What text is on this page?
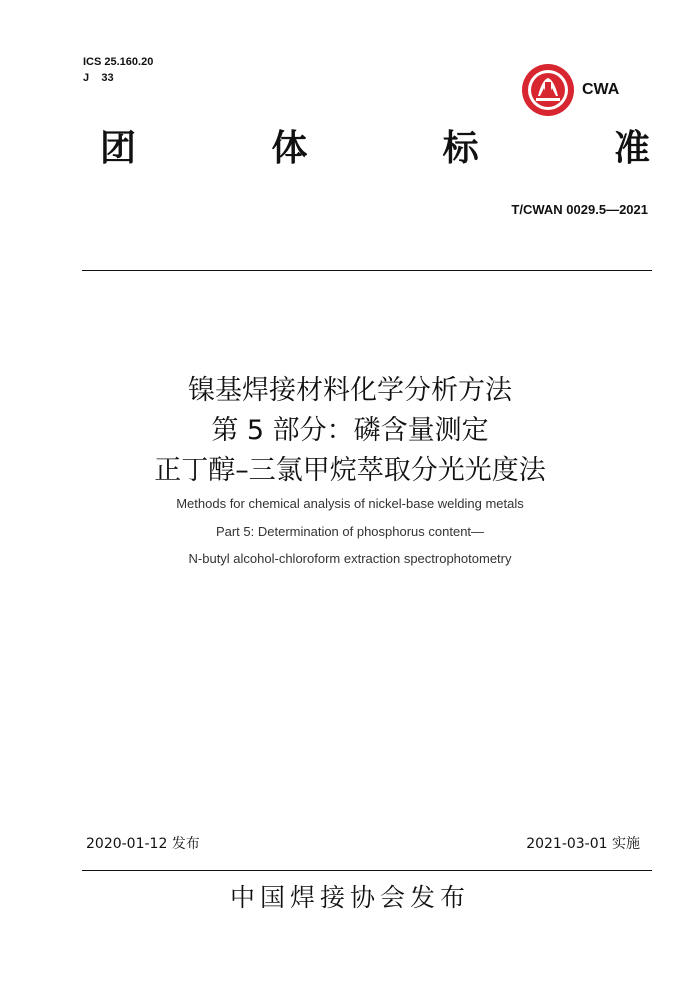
ICS 25.160.20
J    33
CWA
团	体	标	准
T/CWAN 0029.5—2021
镍基焊接材料化学分析方法
第 5 部分：磷含量测定
正丁醇–三氯甲烷萃取分光光度法
Methods for chemical analysis of nickel-base welding metals
Part 5: Determination of phosphorus content—
N-butyl alcohol-chloroform extraction spectrophotometry
2020-01-12 发布	2021-03-01 实施
中国焊接协会发布
